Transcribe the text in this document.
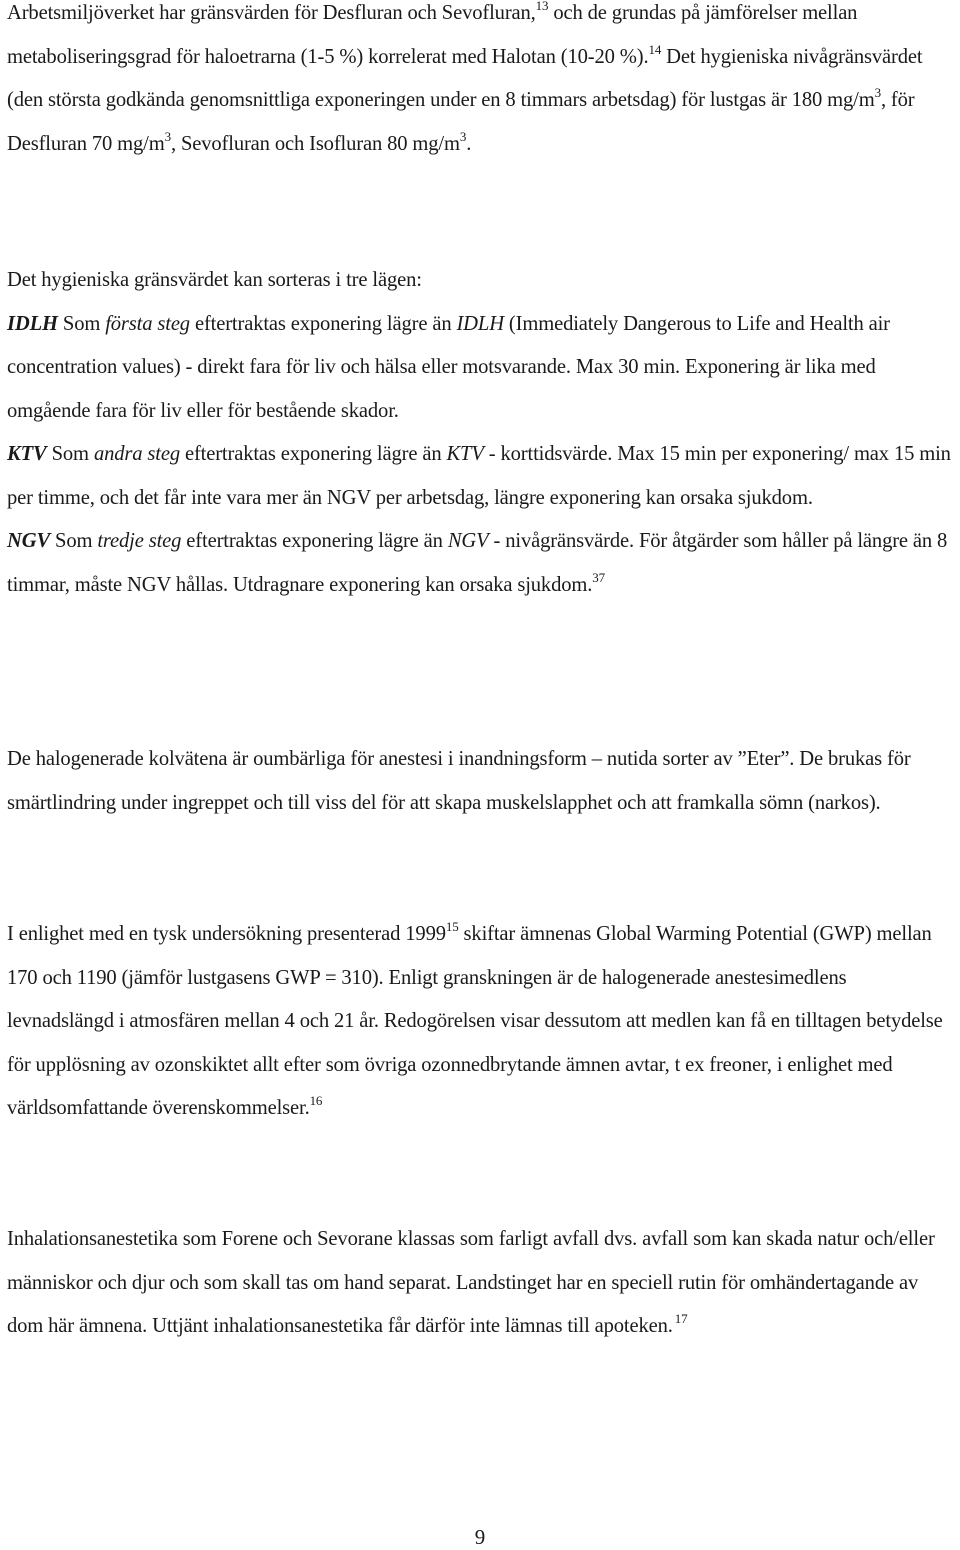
Arbetsmiljöverket har gränsvärden för Desfluran och Sevofluran,$^{13}$ och de grundas på jämförelser mellan metaboliseringsgrad för haloetrarna (1-5 %) korrelerat med Halotan (10-20 %).$^{14}$ Det hygieniska nivågränsvärdet (den största godkända genomsnittliga exponeringen under en 8 timmars arbetsdag) för lustgas är 180 $mg/m^3$, för Desfluran 70 $mg/m^3$, Sevofluran och Isofluran 80 $mg/m^3$.

Det hygieniska gränsvärdet kan sorteras i tre lägen:
IDLH Som första steg eftertraktas exponering lägre än IDLH (Immediately Dangerous to Life and Health air concentration values) - direkt fara för liv och hälsa eller motsvarande. Max 30 min. Exponering är lika med omgående fara för liv eller för bestående skador.
KTV Som andra steg eftertraktas exponering lägre än KTV - korttidsvärde. Max 15 min per exponering/ max 15 min per timme, och det får inte vara mer än NGV per arbetsdag, längre exponering kan orsaka sjukdom.
NGV Som tredje steg eftertraktas exponering lägre än NGV - nivågränsvärde. För åtgärder som håller på längre än 8 timmar, måste NGV hållas. Utdragnare exponering kan orsaka sjukdom.$^{37}$

De halogenerade kolvätena är oumbärliga för anestesi i inandningsform – nutida sorter av ”Eter”. De brukas för smärtlindring under ingreppet och till viss del för att skapa muskelslapphet och att framkalla sömn (narkos).

I enlighet med en tysk undersökning presenterad 1999$^{15}$ skiftar ämnenas Global Warming Potential (GWP) mellan 170 och 1190 (jämför lustgasens GWP = 310). Enligt granskningen är de halogenerade anestesimedlens levnadslängd i atmosfären mellan 4 och 21 år. Redogörelsen visar dessutom att medlen kan få en tilltagen betydelse för upplösning av ozonskiktet allt efter som övriga ozonnedbrytande ämnen avtar, t ex freoner, i enlighet med världsomfattande överenskommelser.$^{16}$

Inhalationsanestetika som Forene och Sevorane klassas som farligt avfall dvs. avfall som kan skada natur och/eller människor och djur och som skall tas om hand separat. Landstinget har en speciell rutin för omhändertagande av dom här ämnena. Uttjänt inhalationsanestetika får därför inte lämnas till apoteken. $^{17}$

9
